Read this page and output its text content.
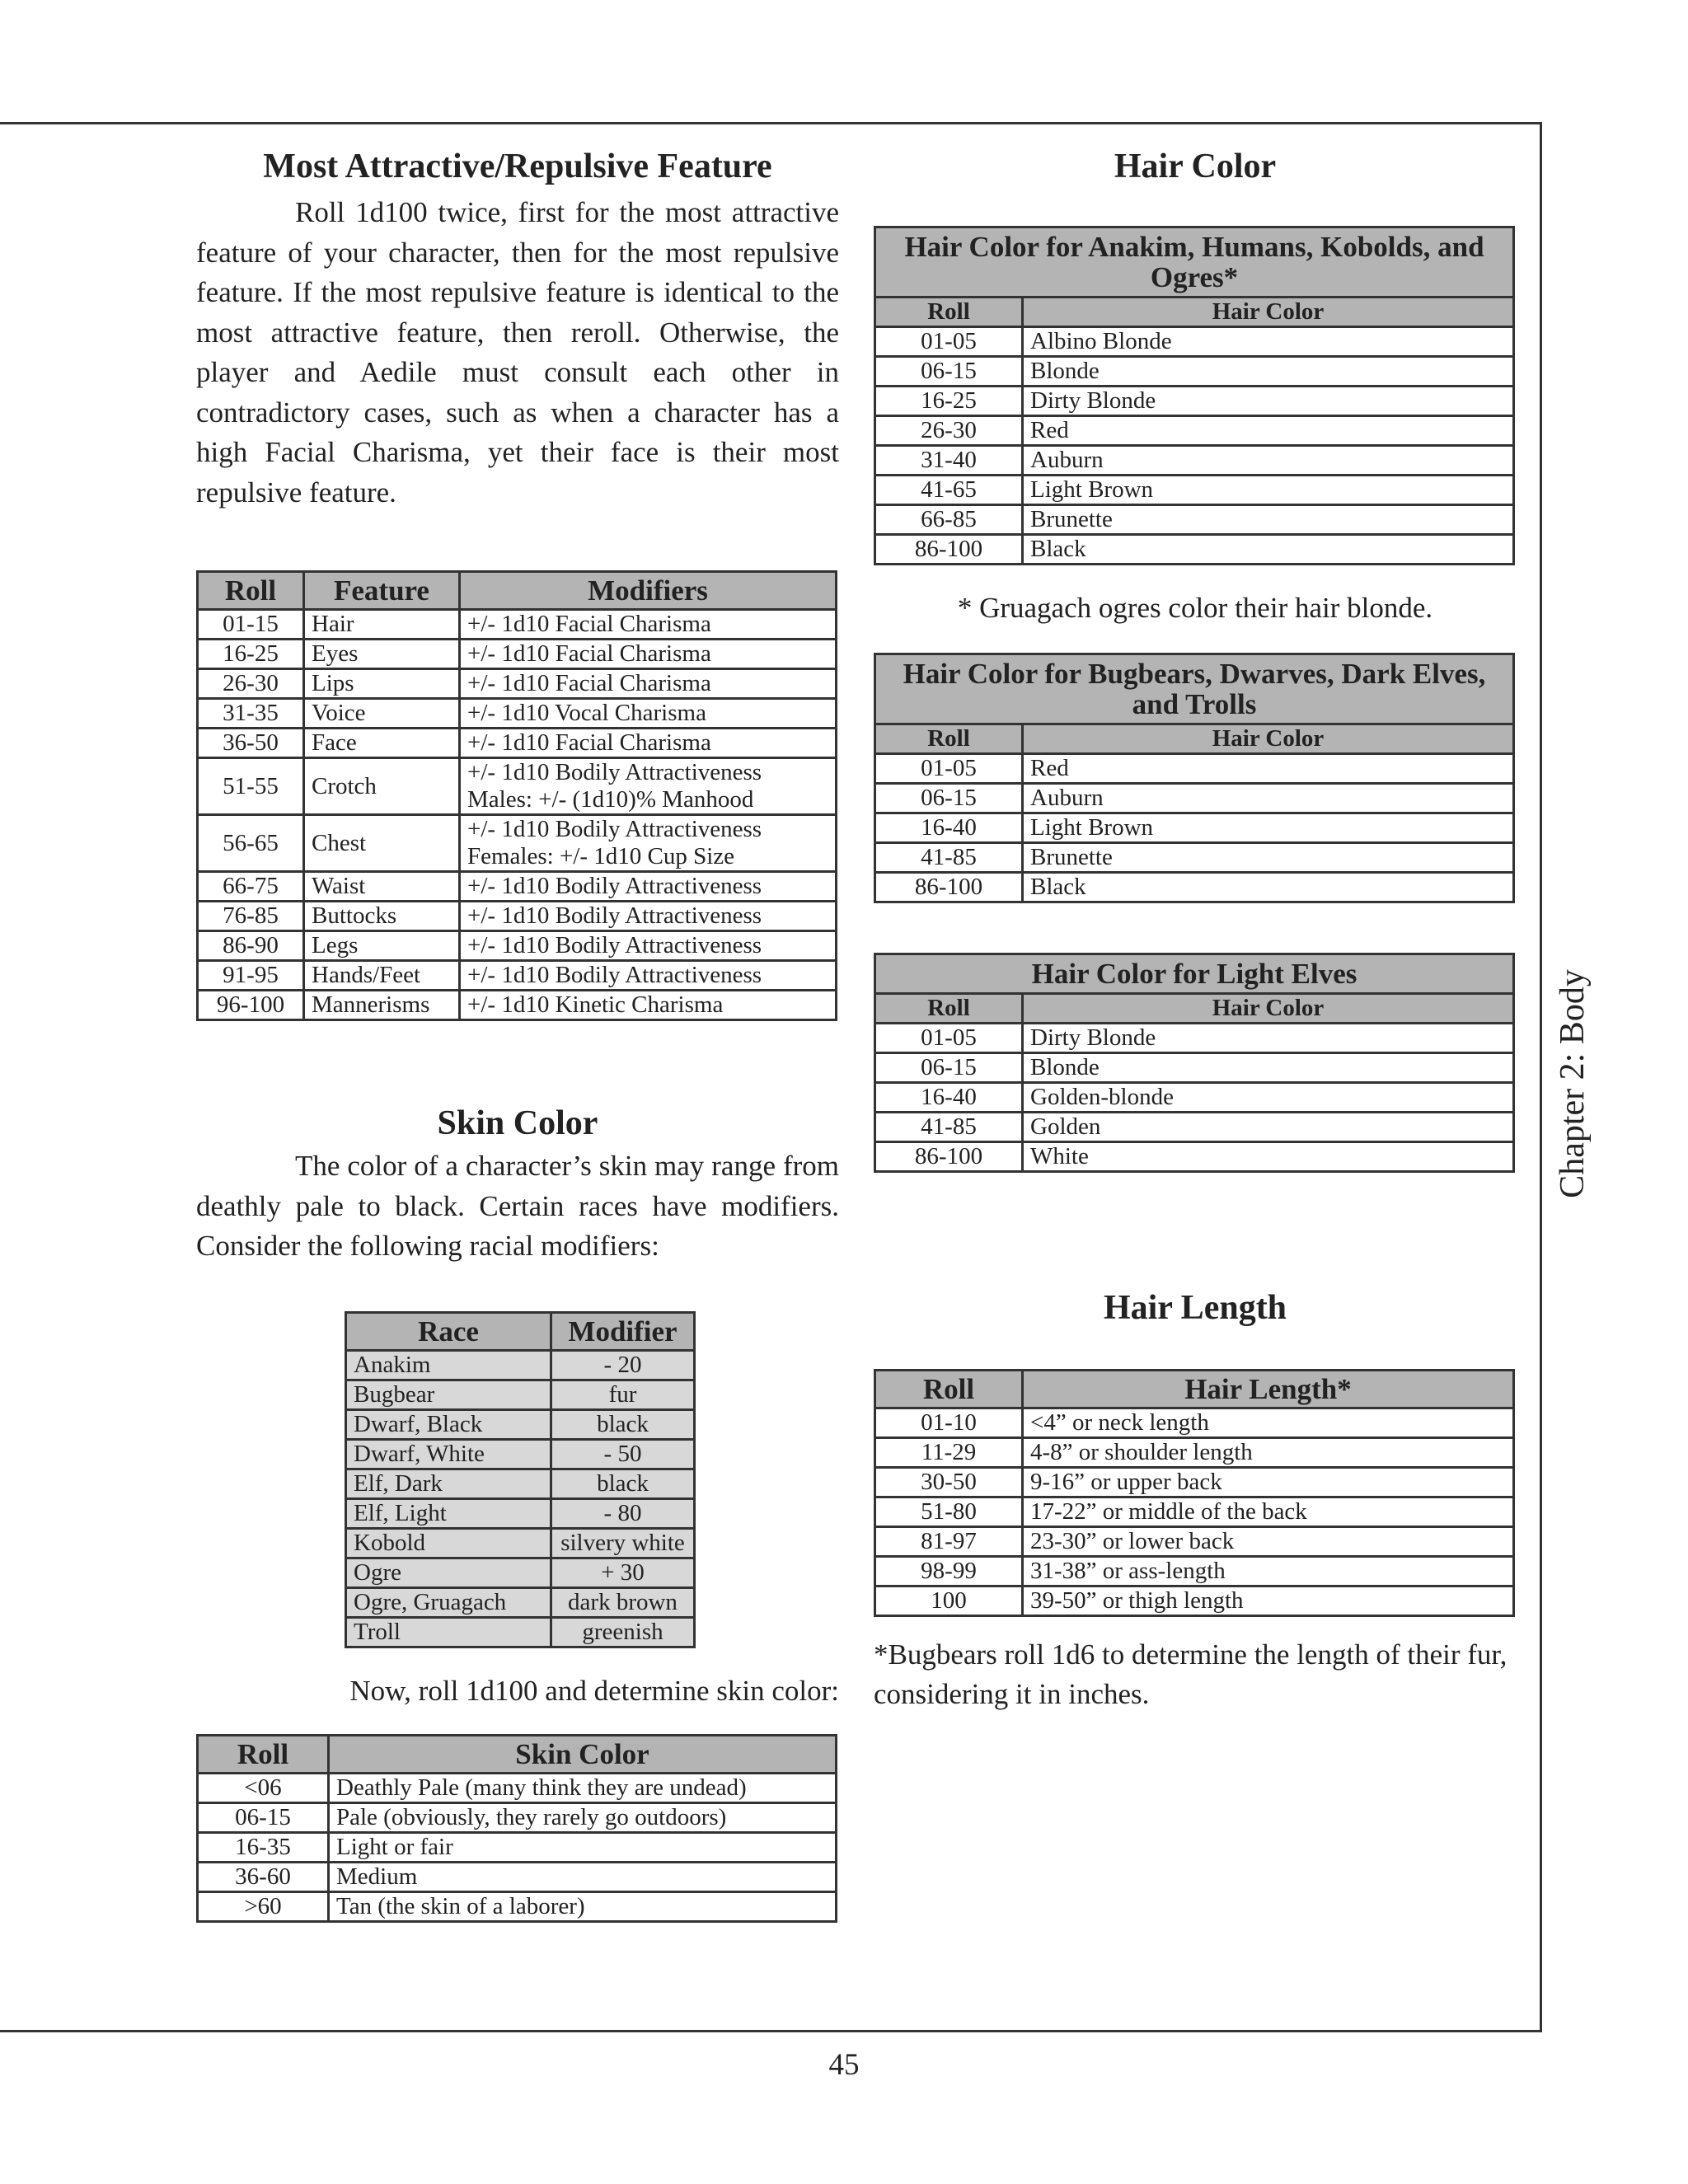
Most Attractive/Repulsive Feature

Roll 1d100 twice, first for the most attractive feature of your character, then for the most repulsive feature. If the most repulsive feature is identical to the most attractive feature, then reroll. Otherwise, the player and Aedile must consult each other in contradictory cases, such as when a character has a high Facial Charisma, yet their face is their most repulsive feature.

Roll	Feature	Modifiers
01-15	Hair	+/- 1d10 Facial Charisma

16-25	Eyes	+/- 1d10 Facial Charisma

26-30	Lips	+/- 1d10 Facial Charisma

31-35	Voice	+/- 1d10 Vocal Charisma

36-50	Face	+/- 1d10 Facial Charisma

51-55	Crotch	+/- 1d10 Bodily Attractiveness
Males: +/- (1d10)% Manhood

56-65	Chest	+/- 1d10 Bodily Attractiveness
Females: +/- 1d10 Cup Size

66-75	Waist	+/- 1d10 Bodily Attractiveness

76-85	Buttocks	+/- 1d10 Bodily Attractiveness

86-90	Legs	+/- 1d10 Bodily Attractiveness

91-95	Hands/Feet	+/- 1d10 Bodily Attractiveness

96-100	Mannerisms	+/- 1d10 Kinetic Charisma
Skin Color

The color of a character’s skin may range from deathly pale to black. Certain races have modifiers. Consider the following racial modifiers:

Race	Modifier
Anakim	- 20
Bugbear	fur
Dwarf, Black	black
Dwarf, White	- 50
Elf, Dark	black
Elf, Light	- 80
Kobold	silvery white
Ogre	+ 30
Ogre, Gruagach	dark brown
Troll	greenish

Now, roll 1d100 and determine skin color:

Roll	Skin Color
<06	Deathly Pale (many think they are undead)
06-15	Pale (obviously, they rarely go outdoors)
16-35	Light or fair
36-60	Medium
>60	Tan (the skin of a laborer)
Hair Color
Hair Color for Anakim, Humans, Kobolds, and Ogres*	
Roll	Hair Color
01-05	Albino Blonde
06-15	Blonde
16-25	Dirty Blonde
26-30	Red
31-40	Auburn
41-65	Light Brown
66-85	Brunette
86-100	Black

* Gruagach ogres color their hair blonde.

Hair Color for Bugbears, Dwarves, Dark Elves, and Trolls	
Roll	Hair Color
01-05	Red
06-15	Auburn
16-40	Light Brown
41-85	Brunette
86-100	Black
Hair Color for Light Elves	
Roll	Hair Color
01-05	Dirty Blonde
06-15	Blonde
16-40	Golden-blonde
41-85	Golden
86-100	White
Hair Length
Roll	Hair Length*
01-10	<4” or neck length
11-29	4-8” or shoulder length
30-50	9-16” or upper back
51-80	17-22” or middle of the back
81-97	23-30” or lower back
98-99	31-38” or ass-length
100	39-50” or thigh length

*Bugbears roll 1d6 to determine the length of their fur, considering it in inches.

Chapter 2: Body
45
